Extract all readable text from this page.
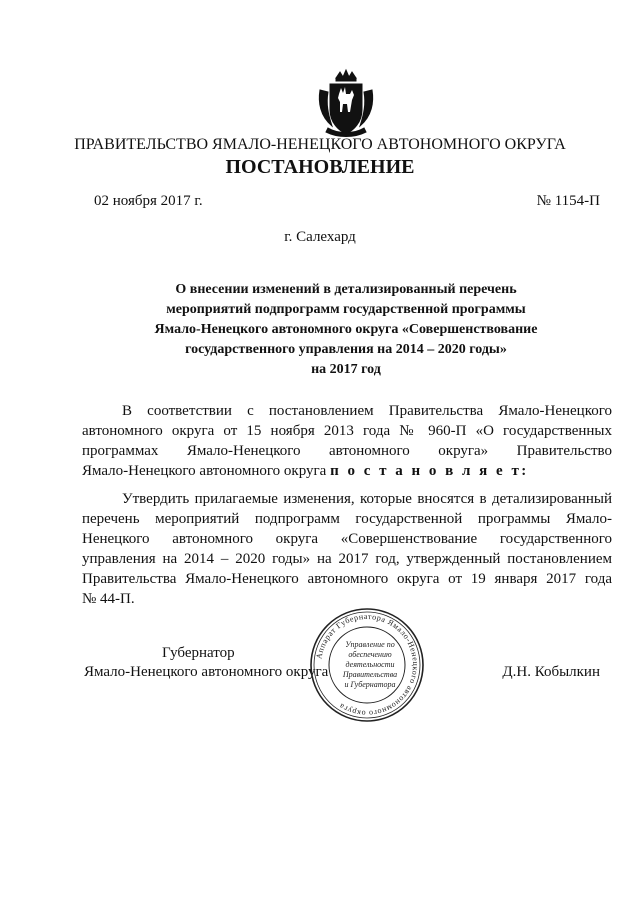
ПРАВИТЕЛЬСТВО ЯМАЛО-НЕНЕЦКОГО АВТОНОМНОГО ОКРУГА
ПОСТАНОВЛЕНИЕ
02 ноября 2017 г.	№ 1154-П
г. Салехард
О внесении изменений в детализированный перечень
мероприятий подпрограмм государственной программы
Ямало-Ненецкого автономного округа «Совершенствование
государственного управления на 2014 – 2020 годы»
на 2017 год
В соответствии с постановлением Правительства Ямало-Ненецкого
автономного округа от 15 ноября 2013 года № 960-П «О государственных
программах Ямало-Ненецкого автономного округа» Правительство
Ямало-Ненецкого автономного округа п о с т а н о в л я е т:
Утвердить прилагаемые изменения, которые вносятся в детализированный
перечень мероприятий подпрограмм государственной программы Ямало-
Ненецкого автономного округа «Совершенствование государственного
управления на 2014 – 2020 годы» на 2017 год, утвержденный постановлением
Правительства Ямало-Ненецкого автономного округа от 19 января 2017 года
№ 44-П.
Губернатор
Ямало-Ненецкого автономного округа	Д.Н. Кобылкин
Аппарат Губернатора Ямало-Ненецкого автономного округа
Управление по
обеспечению
деятельности
Правительства
и Губернатора
